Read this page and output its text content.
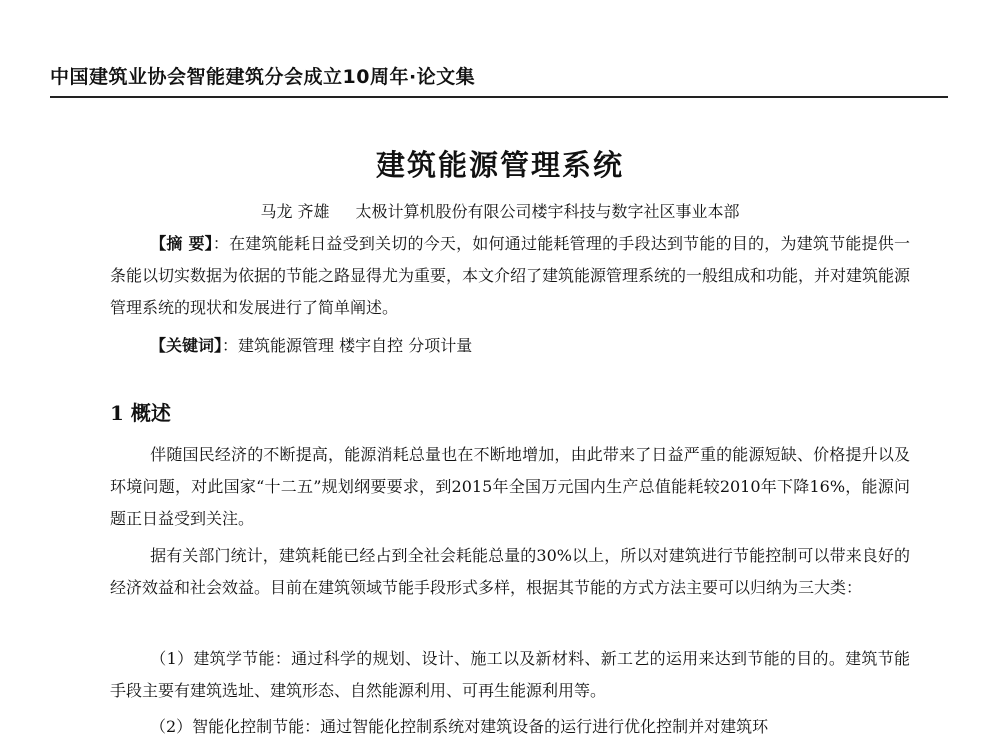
中国建筑业协会智能建筑分会成立10周年·论文集
建筑能源管理系统
马龙 齐雄 太极计算机股份有限公司楼宇科技与数字社区事业本部
【摘 要】：在建筑能耗日益受到关切的今天，如何通过能耗管理的手段达到节能的目的，为建筑节能提供一条能以切实数据为依据的节能之路显得尤为重要，本文介绍了建筑能源管理系统的一般组成和功能，并对建筑能源管理系统的现状和发展进行了简单阐述。
【关键词】：建筑能源管理 楼宇自控 分项计量
1 概述
伴随国民经济的不断提高，能源消耗总量也在不断地增加，由此带来了日益严重的能源短缺、价格提升以及环境问题，对此国家“十二五”规划纲要要求，到2015年全国万元国内生产总值能耗较2010年下降16%，能源问题正日益受到关注。
据有关部门统计，建筑耗能已经占到全社会耗能总量的30%以上，所以对建筑进行节能控制可以带来良好的经济效益和社会效益。目前在建筑领域节能手段形式多样，根据其节能的方式方法主要可以归纳为三大类：
（1）建筑学节能：通过科学的规划、设计、施工以及新材料、新工艺的运用来达到节能的目的。建筑节能手段主要有建筑选址、建筑形态、自然能源利用、可再生能源利用等。
（2）智能化控制节能：通过智能化控制系统对建筑设备的运行进行优化控制并对建筑环
